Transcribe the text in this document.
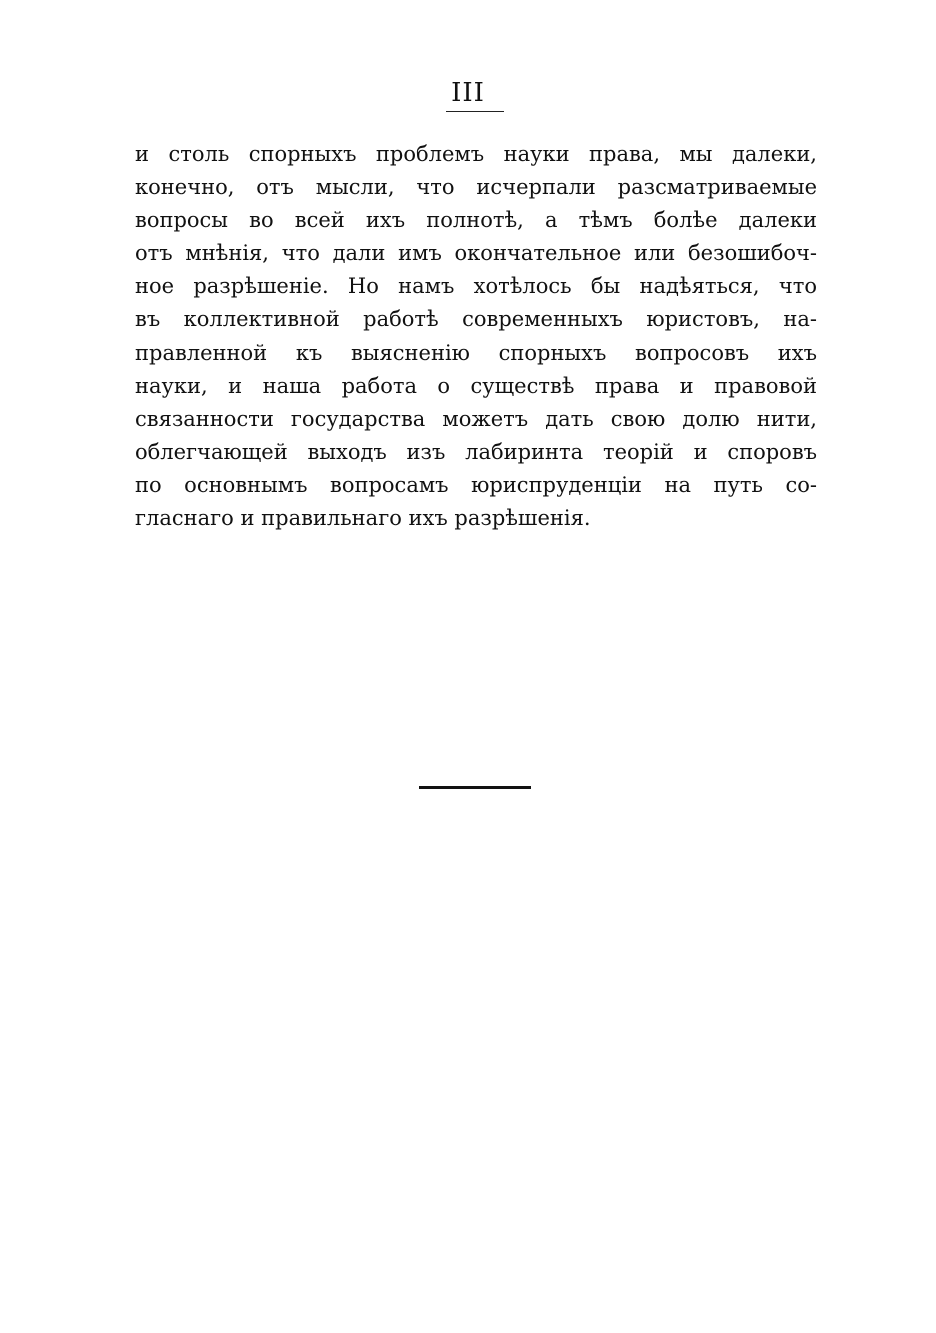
III
и столь спорныхъ проблемъ науки права, мы далеки,
конечно, отъ мысли, что исчерпали разсматриваемые
вопросы во всей ихъ полнотѣ, а тѣмъ болѣе далеки
отъ мнѣнія, что дали имъ окончательное или безошибоч-
ное разрѣшеніе. Но намъ хотѣлось бы надѣяться, что
въ коллективной работѣ современныхъ юристовъ, на-
правленной къ выясненію спорныхъ вопросовъ ихъ
науки, и наша работа о существѣ права и правовой
связанности государства можетъ дать свою долю нити,
облегчающей выходъ изъ лабиринта теорій и споровъ
по основнымъ вопросамъ юриспруденціи на путь со-
гласнаго и правильнаго ихъ разрѣшенія.
